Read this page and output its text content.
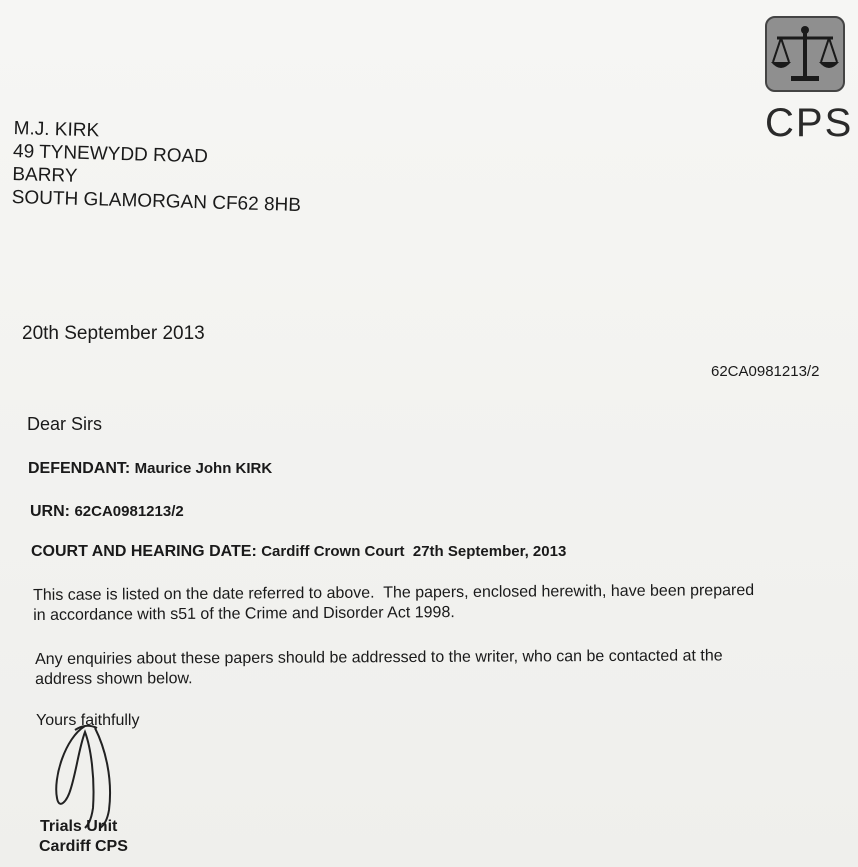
CPS
M.J. KIRK
49 TYNEWYDD ROAD
BARRY
SOUTH GLAMORGAN CF62 8HB
20th September 2013
62CA0981213/2
Dear Sirs
DEFENDANT: Maurice John KIRK
URN: 62CA0981213/2
COURT AND HEARING DATE: Cardiff Crown Court  27th September, 2013
This case is listed on the date referred to above.  The papers, enclosed herewith, have been prepared
in accordance with s51 of the Crime and Disorder Act 1998.
Any enquiries about these papers should be addressed to the writer, who can be contacted at the
address shown below.
Yours faithfully
Trials Unit
Cardiff CPS
